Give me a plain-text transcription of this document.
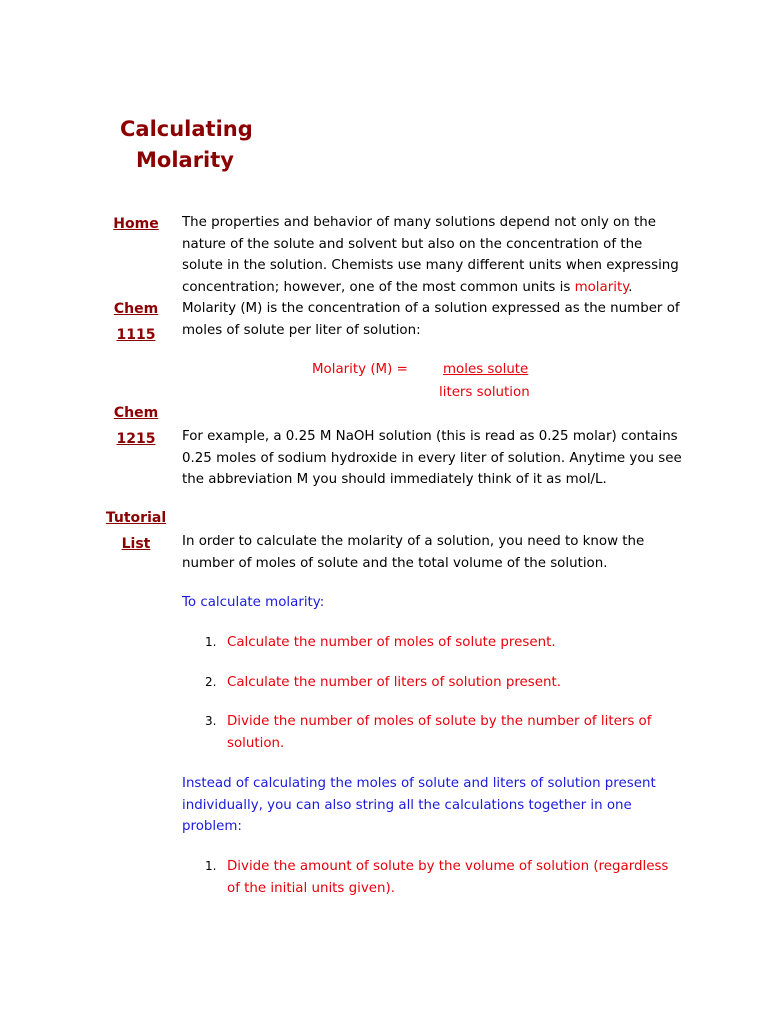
Calculating
Molarity
Home
Chem
1115
Chem
1215
Tutorial
List
The properties and behavior of many solutions depend not only on the nature of the solute and solvent but also on the concentration of the solute in the solution. Chemists use many different units when expressing concentration; however, one of the most common units is molarity. Molarity (M) is the concentration of a solution expressed as the number of moles of solute per liter of solution:
Molarity (M) =	moles solute
liters solution
For example, a 0.25 M NaOH solution (this is read as 0.25 molar) contains 0.25 moles of sodium hydroxide in every liter of solution. Anytime you see the abbreviation M you should immediately think of it as mol/L.
In order to calculate the molarity of a solution, you need to know the number of moles of solute and the total volume of the solution.
To calculate molarity:
1. Calculate the number of moles of solute present.
2. Calculate the number of liters of solution present.
3. Divide the number of moles of solute by the number of liters of solution.
Instead of calculating the moles of solute and liters of solution present individually, you can also string all the calculations together in one problem:
1. Divide the amount of solute by the volume of solution (regardless of the initial units given).
